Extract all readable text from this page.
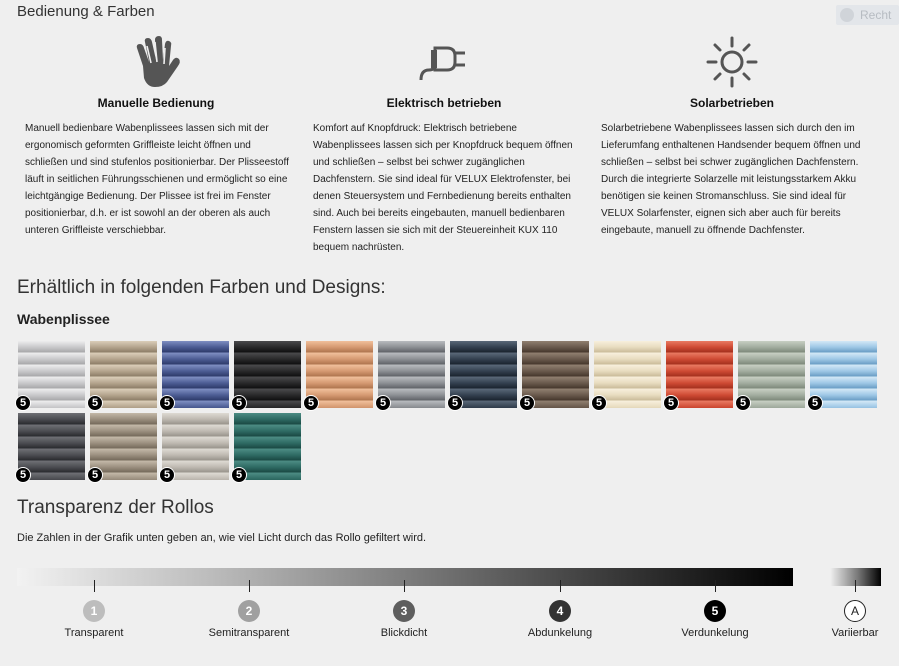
Bedienung & Farben	Recht
Manuelle Bedienung
Manuell bedienbare Wabenplissees lassen sich mit der ergonomisch geformten Griffleiste leicht öffnen und schließen und sind stufenlos positionierbar. Der Plisseestoff läuft in seitlichen Führungsschienen und ermöglicht so eine leichtgängige Bedienung. Der Plissee ist frei im Fenster positionierbar, d.h. er ist sowohl an der oberen als auch unteren Griffleiste verschiebbar.
Elektrisch betrieben
Komfort auf Knopfdruck: Elektrisch betriebene Wabenplissees lassen sich per Knopfdruck bequem öffnen und schließen – selbst bei schwer zugänglichen Dachfenstern. Sie sind ideal für VELUX Elektrofenster, bei denen Steuersystem und Fernbedienung bereits enthalten sind. Auch bei bereits eingebauten, manuell bedienbaren Fenstern lassen sie sich mit der Steuereinheit KUX 110 bequem nachrüsten.
Solarbetrieben
Solarbetriebene Wabenplissees lassen sich durch den im Lieferumfang enthaltenen Handsender bequem öffnen und schließen – selbst bei schwer zugänglichen Dachfenstern. Durch die integrierte Solarzelle mit leistungsstarkem Akku benötigen sie keinen Stromanschluss. Sie sind ideal für VELUX Solarfenster, eignen sich aber auch für bereits eingebaute, manuell zu öffnende Dachfenster.
Erhältlich in folgenden Farben und Designs:
Wabenplissee
5	5	5	5	5	5	5	5	5	5	5	5
5	5	5	5
Transparenz der Rollos
Die Zahlen in der Grafik unten geben an, wie viel Licht durch das Rollo gefiltert wird.
1
Transparent
2
Semitransparent
3
Blickdicht
4
Abdunkelung
5
Verdunkelung
A
Variierbar
